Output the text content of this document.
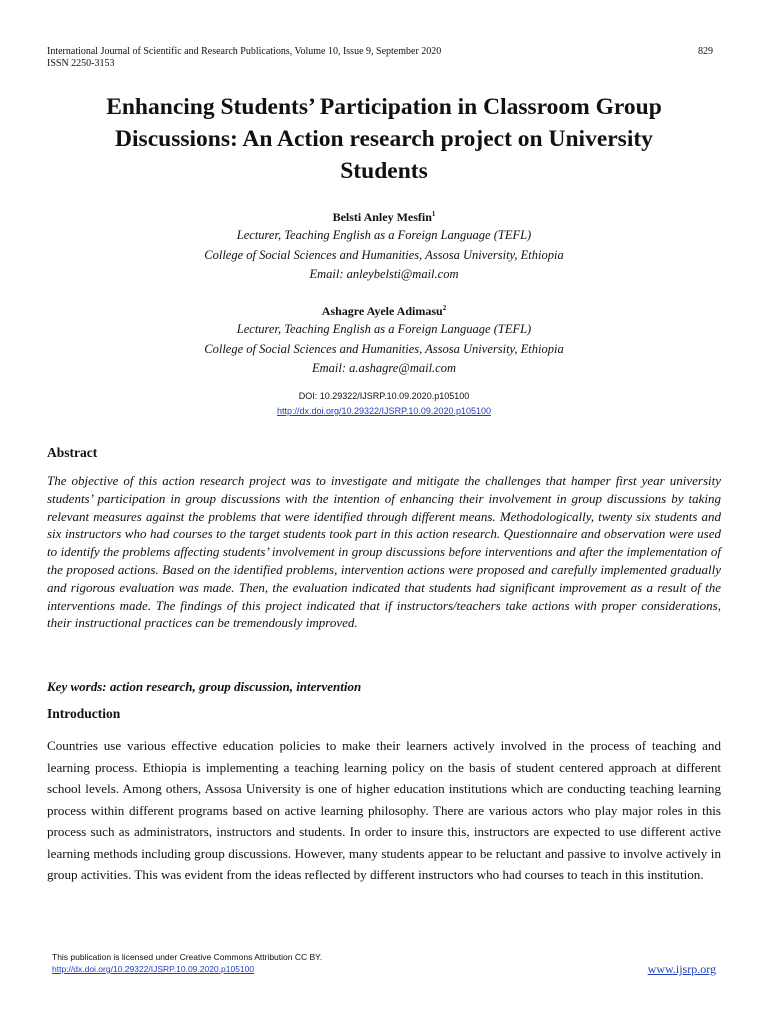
International Journal of Scientific and Research Publications, Volume 10, Issue 9, September 2020
ISSN 2250-3153
829
Enhancing Students’ Participation in Classroom Group
Discussions: An Action research project on University
Students
Belsti Anley Mesfin$^1$
Lecturer, Teaching English as a Foreign Language (TEFL)
College of Social Sciences and Humanities, Assosa University, Ethiopia
Email: anleybelsti@mail.com
Ashagre Ayele Adimasu$^2$
Lecturer, Teaching English as a Foreign Language (TEFL)
College of Social Sciences and Humanities, Assosa University, Ethiopia
Email: a.ashagre@mail.com
DOI: 10.29322/IJSRP.10.09.2020.p105100
http://dx.doi.org/10.29322/IJSRP.10.09.2020.p105100
Abstract
The objective of this action research project was to investigate and mitigate the challenges that hamper first year university students’ participation in group discussions with the intention of enhancing their involvement in group discussions by taking relevant measures against the problems that were identified through different means. Methodologically, twenty six students and six instructors who had courses to the target students took part in this action research. Questionnaire and observation were used to identify the problems affecting students’ involvement in group discussions before interventions and after the implementation of the proposed actions. Based on the identified problems, intervention actions were proposed and carefully implemented gradually and rigorous evaluation was made. Then, the evaluation indicated that students had significant improvement as a result of the interventions made. The findings of this project indicated that if instructors/teachers take actions with proper considerations, their instructional practices can be tremendously improved.
Key words: action research, group discussion, intervention
Introduction
Countries use various effective education policies to make their learners actively involved in the process of teaching and learning process. Ethiopia is implementing a teaching learning policy on the basis of student centered approach at different school levels. Among others, Assosa University is one of higher education institutions which are conducting teaching learning process within different programs based on active learning philosophy. There are various actors who play major roles in this process such as administrators, instructors and students. In order to insure this, instructors are expected to use different active learning methods including group discussions. However, many students appear to be reluctant and passive to involve actively in group activities. This was evident from the ideas reflected by different instructors who had courses to teach in this institution.
This publication is licensed under Creative Commons Attribution CC BY.
http://dx.doi.org/10.29322/IJSRP.10.09.2020.p105100	www.ijsrp.org
